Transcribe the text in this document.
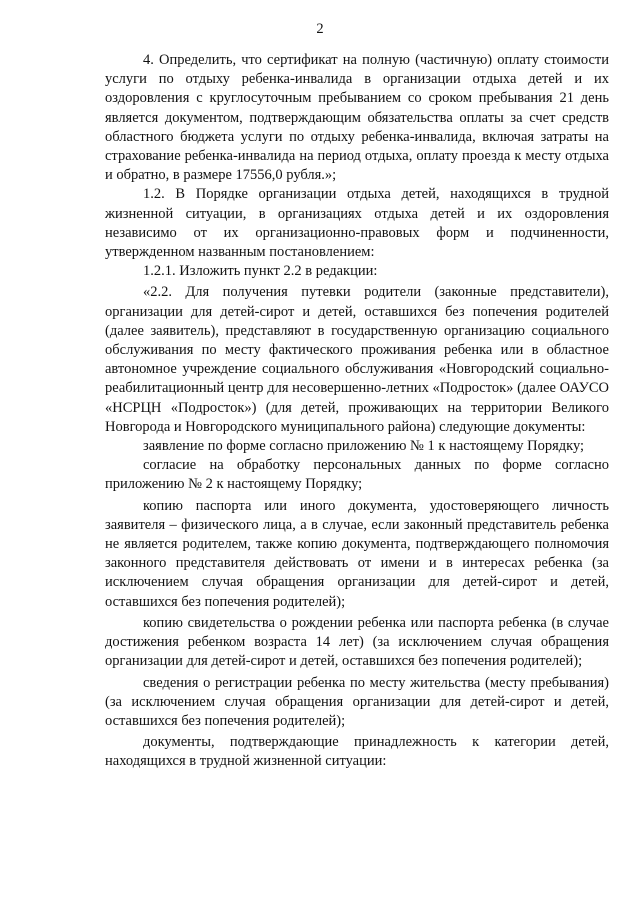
2

4. Определить, что сертификат на полную (частичную) оплату стоимости услуги по отдыху ребенка-инвалида в организации отдыха детей и их оздоровления с круглосуточным пребыванием со сроком пребывания 21 день является документом, подтверждающим обязательства оплаты за счет средств областного бюджета услуги по отдыху ребенка-инвалида, включая затраты на страхование ребенка-инвалида на период отдыха, оплату проезда к месту отдыха и обратно, в размере 17556,0 рубля.»;

1.2. В Порядке организации отдыха детей, находящихся в трудной жизненной ситуации, в организациях отдыха детей и их оздоровления независимо от их организационно-правовых форм и подчиненности, утвержденном названным постановлением:

1.2.1. Изложить пункт 2.2 в редакции:

«2.2. Для получения путевки родители (законные представители), организации для детей-сирот и детей, оставшихся без попечения родителей (далее заявитель), представляют в государственную организацию социального обслуживания по месту фактического проживания ребенка или в областное автономное учреждение социального обслуживания «Новгородский социально-реабилитационный центр для несовершенно-летних «Подросток» (далее ОАУСО «НСРЦН «Подросток») (для детей, проживающих на территории Великого Новгорода и Новгородского муниципального района) следующие документы:

заявление по форме согласно приложению № 1 к настоящему Порядку;

согласие на обработку персональных данных по форме согласно приложению № 2 к настоящему Порядку;

копию паспорта или иного документа, удостоверяющего личность заявителя – физического лица, а в случае, если законный представитель ребенка не является родителем, также копию документа, подтверждающего полномочия законного представителя действовать от имени и в интересах ребенка (за исключением случая обращения организации для детей-сирот и детей, оставшихся без попечения родителей);

копию свидетельства о рождении ребенка или паспорта ребенка (в случае достижения ребенком возраста 14 лет) (за исключением случая обращения организации для детей-сирот и детей, оставшихся без попечения родителей);

сведения о регистрации ребенка по месту жительства (месту пребывания) (за исключением случая обращения организации для детей-сирот и детей, оставшихся без попечения родителей);

документы, подтверждающие принадлежность к категории детей, находящихся в трудной жизненной ситуации:
